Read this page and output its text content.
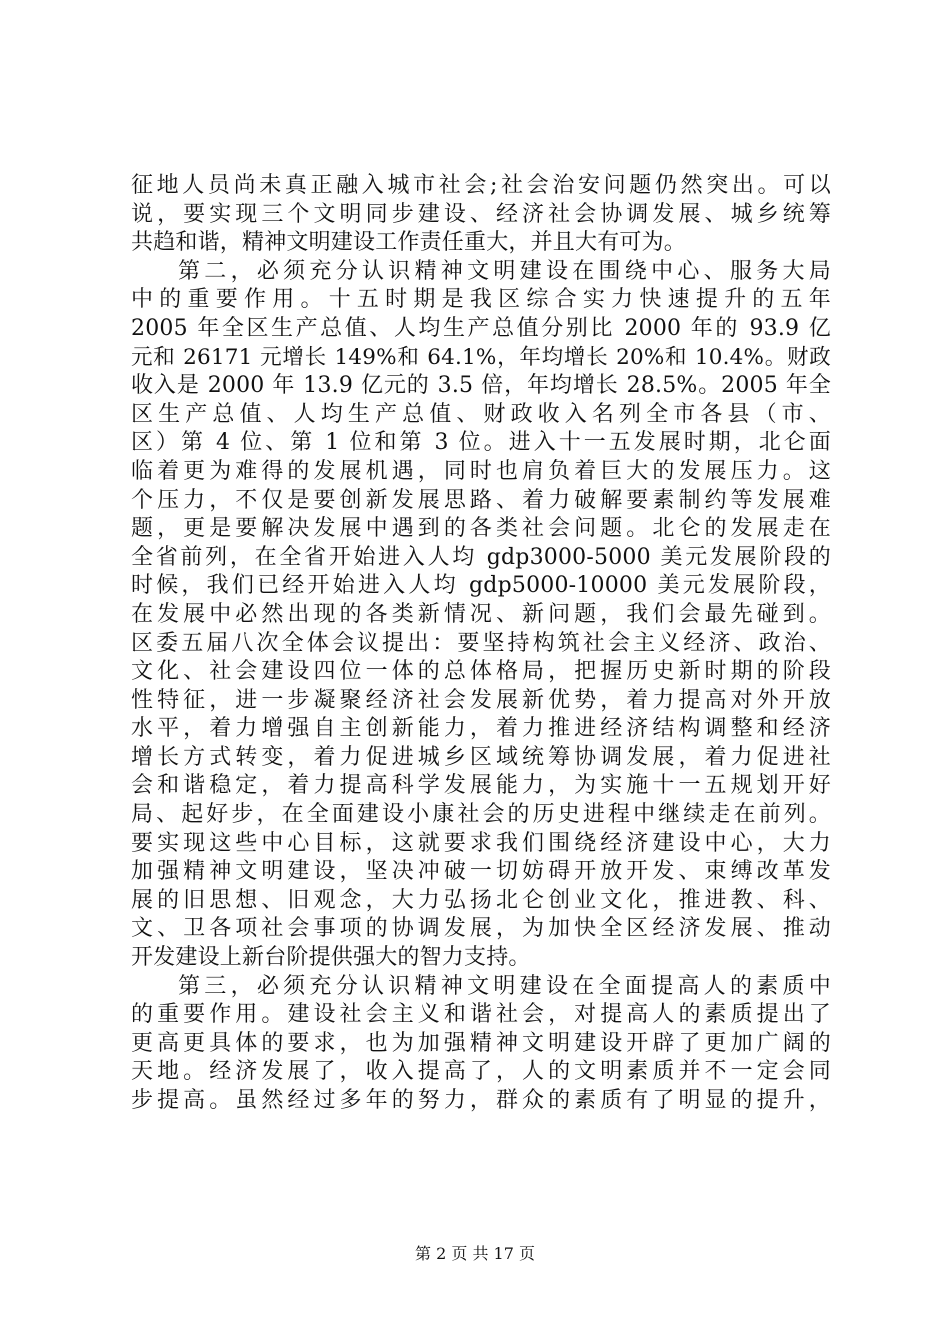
征地人员尚未真正融入城市社会;社会治安问题仍然突出。可以
说，要实现三个文明同步建设、经济社会协调发展、城乡统筹
共趋和谐，精神文明建设工作责任重大，并且大有可为。
第二，必须充分认识精神文明建设在围绕中心、服务大局
中的重要作用。十五时期是我区综合实力快速提升的五年
2005 年全区生产总值、人均生产总值分别比 2000 年的 93.9 亿
元和 26171 元增长 149%和 64.1%，年均增长 20%和 10.4%。财政
收入是 2000 年 13.9 亿元的 3.5 倍，年均增长 28.5%。2005 年全
区生产总值、人均生产总值、财政收入名列全市各县（市、
区）第 4 位、第 1 位和第 3 位。进入十一五发展时期，北仑面
临着更为难得的发展机遇，同时也肩负着巨大的发展压力。这
个压力，不仅是要创新发展思路、着力破解要素制约等发展难
题，更是要解决发展中遇到的各类社会问题。北仑的发展走在
全省前列，在全省开始进入人均 gdp3000-5000 美元发展阶段的
时候，我们已经开始进入人均 gdp5000-10000 美元发展阶段，
在发展中必然出现的各类新情况、新问题，我们会最先碰到。
区委五届八次全体会议提出：要坚持构筑社会主义经济、政治、
文化、社会建设四位一体的总体格局，把握历史新时期的阶段
性特征，进一步凝聚经济社会发展新优势，着力提高对外开放
水平，着力增强自主创新能力，着力推进经济结构调整和经济
增长方式转变，着力促进城乡区域统筹协调发展，着力促进社
会和谐稳定，着力提高科学发展能力，为实施十一五规划开好
局、起好步，在全面建设小康社会的历史进程中继续走在前列。
要实现这些中心目标，这就要求我们围绕经济建设中心，大力
加强精神文明建设，坚决冲破一切妨碍开放开发、束缚改革发
展的旧思想、旧观念，大力弘扬北仑创业文化，推进教、科、
文、卫各项社会事项的协调发展，为加快全区经济发展、推动
开发建设上新台阶提供强大的智力支持。
第三，必须充分认识精神文明建设在全面提高人的素质中
的重要作用。建设社会主义和谐社会，对提高人的素质提出了
更高更具体的要求，也为加强精神文明建设开辟了更加广阔的
天地。经济发展了，收入提高了，人的文明素质并不一定会同
步提高。虽然经过多年的努力，群众的素质有了明显的提升，
第 2 页 共 17 页
